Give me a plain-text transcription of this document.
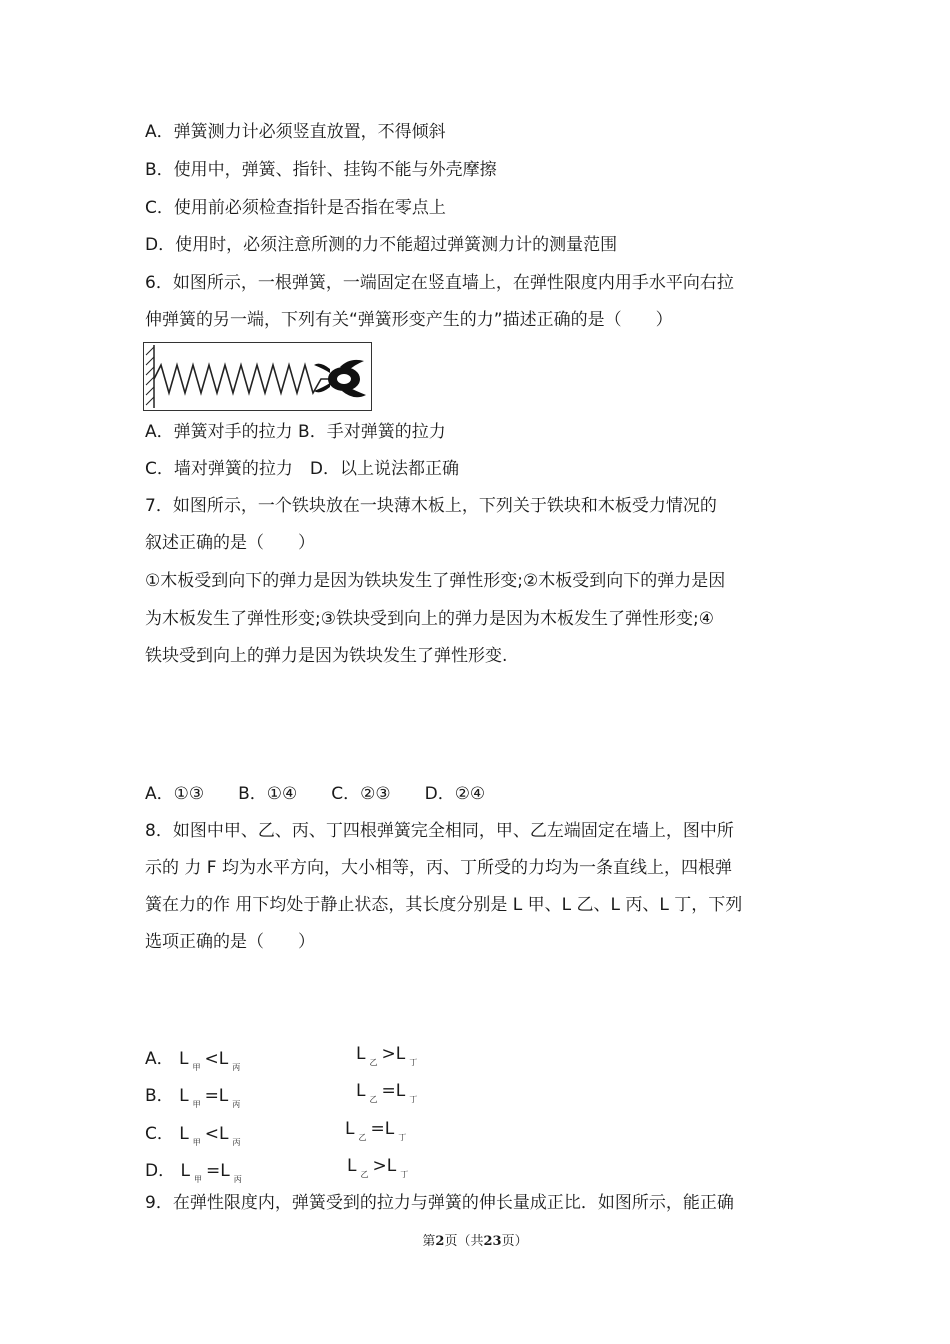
A．弹簧测力计必须竖直放置，不得倾斜
B．使用中，弹簧、指针、挂钩不能与外壳摩擦
C．使用前必须检查指针是否指在零点上
D．使用时，必须注意所测的力不能超过弹簧测力计的测量范围
6．如图所示，一根弹簧，一端固定在竖直墙上，在弹性限度内用手水平向右拉
伸弹簧的另一端，下列有关“弹簧形变产生的力”描述正确的是（　　）
A．弹簧对手的拉力 B．手对弹簧的拉力
C．墙对弹簧的拉力　D．以上说法都正确
7．如图所示，一个铁块放在一块薄木板上，下列关于铁块和木板受力情况的
叙述正确的是（　　）
①木板受到向下的弹力是因为铁块发生了弹性形变;②木板受到向下的弹力是因
为木板发生了弹性形变;③铁块受到向上的弹力是因为木板发生了弹性形变;④
铁块受到向上的弹力是因为铁块发生了弹性形变.
A．①③　　B．①④　　C．②③　　D．②④
8．如图中甲、乙、丙、丁四根弹簧完全相同，甲、乙左端固定在墙上，图中所
示的 力 F 均为水平方向，大小相等，丙、丁所受的力均为一条直线上，四根弹
簧在力的作 用下均处于静止状态，其长度分别是 L 甲、L 乙、L 丙、L 丁，下列
选项正确的是（　　）
A． L $_甲$ <L $_丙$
L $_乙$ >L $_丁$
B． L $_甲$ =L $_丙$
L $_乙$ =L $_丁$
C． L $_甲$ <L $_丙$
L $_乙$ =L $_丁$
D． L $_甲$ =L $_丙$
L $_乙$ >L $_丁$
9．在弹性限度内，弹簧受到的拉力与弹簧的伸长量成正比．如图所示，能正确
第2页（共23页）
